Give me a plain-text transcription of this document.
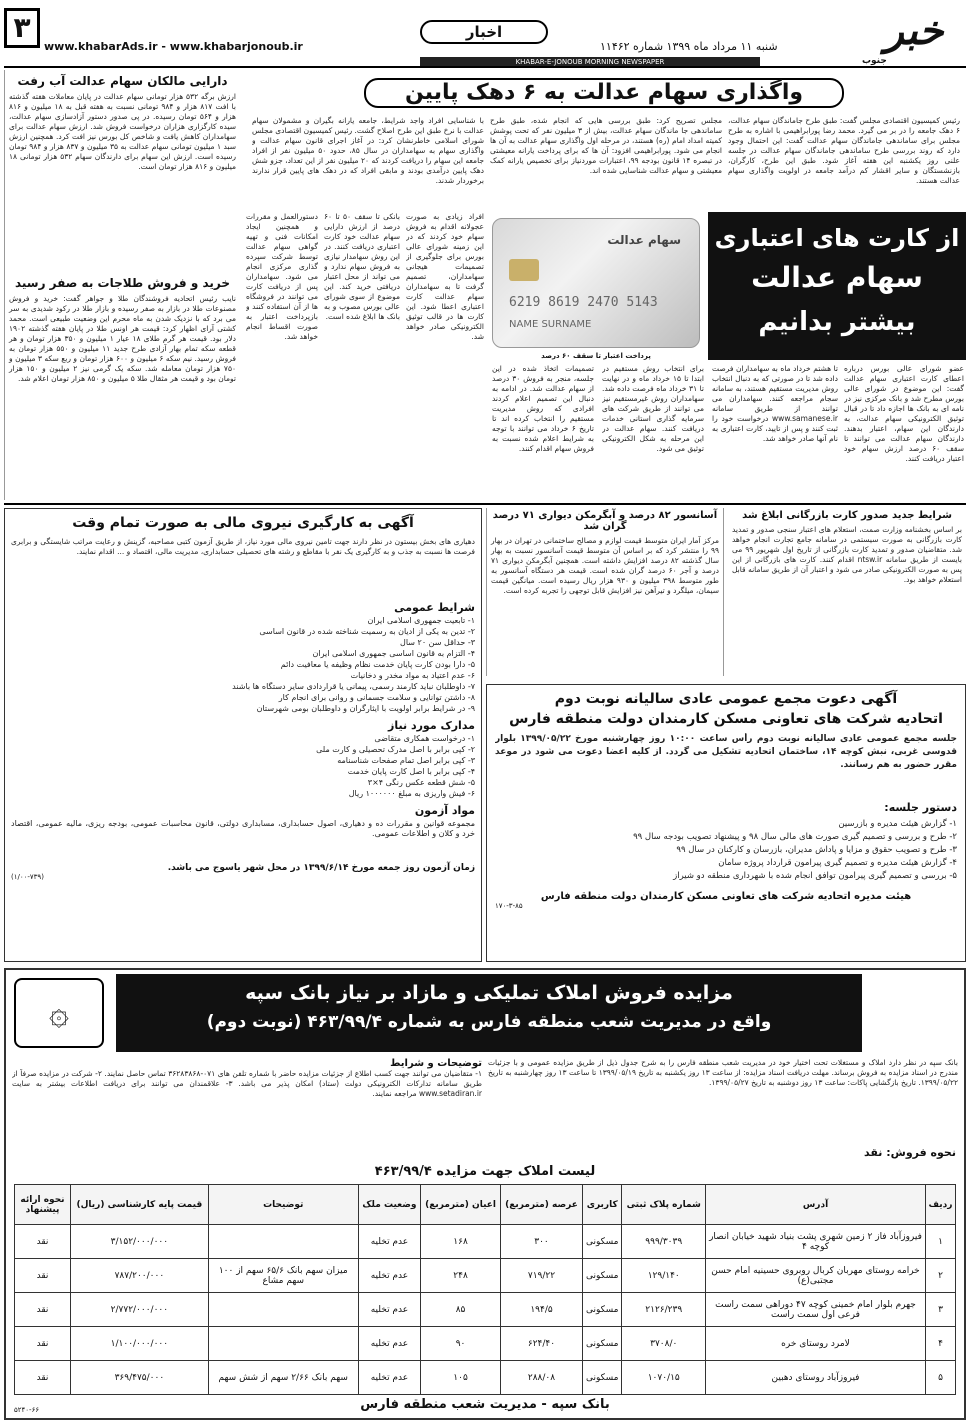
خبر
جنوب
شنبه ۱۱ مرداد ماه ۱۳۹۹ شماره ۱۱۴۶۲
اخبار
www.khabarAds.ir - www.khabarjonoub.ir
۳
KHABAR-E-JONOUB MORNING NEWSPAPER
واگذاری سهام عدالت به ۶ دهک پایین
رئیس کمیسیون اقتصادی مجلس گفت: طبق طرح جاماندگان سهام عدالت، ۶ دهک جامعه را در بر می گیرد. محمد رضا پورابراهیمی با اشاره به طرح مجلس برای ساماندهی جاماندگان سهام عدالت گفت: این احتمال وجود دارد که روند بررسی طرح ساماندهی جاماندگان سهام عدالت در جلسه علنی روز یکشنبه این هفته آغاز شود. طبق این طرح، کارگران، بازنشستگان و سایر اقشار کم درآمد جامعه در اولویت واگذاری سهام عدالت هستند.
مجلس تصریح کرد: طبق بررسی هایی که انجام شده، طبق طرح ساماندهی جا ماندگان سهام عدالت، بیش از ۳ میلیون نفر که تحت پوشش کمیته امداد امام (ره) هستند، در مرحله اول واگذاری سهام عدالت به آن ها انجام می شود. پورابراهیمی افزود: آن ها که برای پرداخت یارانه معیشتی در تبصره ۱۴ قانون بودجه ۹۹، اعتبارات موردنیاز برای تخصیص یارانه کمک معیشتی و سهام عدالت شناسایی شده اند.
با شناسایی افراد واجد شرایط، جامعه یارانه بگیران و مشمولان سهام عدالت با نرخ طبق این طرح اصلاح گشت. رئیس کمیسیون اقتصادی مجلس شورای اسلامی خاطرنشان کرد: در آغاز اجرای قانون سهام عدالت و واگذاری سهام به سهامداران در سال ۸۵، حدود ۵۰ میلیون نفر از افراد جامعه این سهام را دریافت کردند که ۲۰ میلیون نفر از این تعداد، جزو شش دهک پایین درآمدی بودند و مابقی افراد که در دهک های پایین قرار ندارند برخوردار شدند.
دارایی مالکان سهام عدالت آب رفت
ارزش برگه ۵۳۲ هزار تومانی سهام عدالت در پایان معاملات هفته گذشته با افت ۸۱۷ هزار و ۹۸۴ تومانی نسبت به هفته قبل به ۱۸ میلیون و ۸۱۶ هزار و ۵۶۴ تومان رسیده. در پی صدور دستور آزادسازی سهام عدالت، سیده کارگزاری هزاران درخواست فروش شد. ارزش سهام عدالت برای سهامداران کاهش یافت و شاخص کل بورس نیز افت کرد. همچنین ارزش سبد ۱ میلیون تومانی سهام عدالت به ۳۵ میلیون و ۸۳۷ هزار و ۹۸۴ تومان رسیده است. ارزش این سهام برای دارندگان سهام ۵۳۲ هزار تومانی ۱۸ میلیون و ۸۱۶ هزار تومان است.
خرید و فروش طلاجات به صفر رسید
نایب رئیس اتحادیه فروشندگان طلا و جواهر گفت: خرید و فروش مصنوعات طلا در بازار به صفر رسیده و بازار طلا در رکود شدیدی به سر می برد که با نزدیک شدن به ماه محرم این وضعیت طبیعی است. محمد کشتی آرای اظهار کرد: قیمت هر اونس طلا در پایان هفته گذشته ۱۹۰۲ دلار بود. قیمت هر گرم طلای ۱۸ عیار ۱ میلیون و ۳۵۰ هزار تومان و هر قطعه سکه تمام بهار آزادی طرح جدید ۱۱ میلیون و ۵۵۰ هزار تومان به فروش رسید. نیم سکه ۶ میلیون و ۶۰۰ هزار تومان و ربع سکه ۳ میلیون و ۷۵۰ هزار تومان معامله شد. سکه یک گرمی نیز ۲ میلیون و ۱۵۰ هزار تومان بود و قیمت هر مثقال طلا ۵ میلیون و ۸۵۰ هزار تومان اعلام شد.
از کارت های اعتباری
سهام عدالت
بیشتر بدانیم
سهام عدالت
6219 8619 2470 5143
NAME SURNAME
پرداخت اعتبار تا سقف ۶۰ درصد
عضو شورای عالی بورس درباره اعطای کارت اعتباری سهام عدالت گفت: این موضوع در شورای عالی بورس مطرح شد و بانک مرکزی نیز در نامه ای به بانک ها اجازه داد تا در قبال توثیق الکترونیکی سهام عدالت، به دارندگان این سهام، اعتبار بدهند. دارندگان سهام عدالت می توانند تا سقف ۶۰ درصد ارزش سهام خود اعتبار دریافت کنند.
تا هشتم خرداد ماه به سهامداران فرصت داده شد تا در صورتی که به دنبال انتخاب روش مدیریت مستقیم هستند، به سامانه سجام مراجعه کنند. سهامداران می توانند از طریق سامانه www.samanese.ir درخواست خود را ثبت کنند و پس از تایید، کارت اعتباری به نام آنها صادر خواهد شد.
برای انتخاب روش مستقیم در ابتدا تا ۱۵ خرداد ماه و در نهایت تا ۳۱ خرداد ماه فرصت داده شد. سهامداران روش غیرمستقیم نیز می توانند از طریق شرکت های سرمایه گذاری استانی خدمات دریافت کنند. سهام عدالت در این مرحله به شکل الکترونیکی توثیق می شود.
تصمیمات اتخاذ شده در این جلسه، منجر به فروش ۳۰ درصد از سهام عدالت شد. در ادامه به دنبال این تصمیم اعلام کردند افرادی که روش مدیریت مستقیم را انتخاب کرده اند تا تاریخ ۶ خرداد می توانند با توجه به شرایط اعلام شده نسبت به فروش سهام اقدام کنند.
افراد زیادی به صورت عجولانه اقدام به فروش سهام خود کردند که در این زمینه شورای عالی بورس برای جلوگیری از تصمیمات هیجانی سهامداران، تصمیم گرفت تا به سهامداران سهام عدالت کارت اعتباری اعطا شود. این کارت ها در قالب توثیق الکترونیکی صادر خواهد شد.
بانکی تا سقف ۵۰ تا ۶۰ درصد از ارزش دارایی سهام عدالت خود کارت اعتباری دریافت کنند. در این روش سهامدار نیازی به فروش سهام ندارد و می تواند از محل اعتبار دریافتی خرید کند. این موضوع از سوی شورای عالی بورس مصوب و به بانک ها ابلاغ شده است.
دستورالعمل و مقررات و همچنین ایجاد امکانات فنی و تهیه گواهی سهام عدالت توسط شرکت سپرده گذاری مرکزی انجام می شود. سهامداران پس از دریافت کارت می توانند در فروشگاه ها از آن استفاده کنند و بازپرداخت اعتبار به صورت اقساط انجام خواهد شد.
شرایط جدید صدور کارت بازرگانی ابلاغ شد
بر اساس بخشنامه وزارت صمت، استعلام های اعتبار سنجی صدور و تمدید کارت بازرگانی به صورت سیستمی در سامانه جامع تجارت انجام خواهد شد. متقاضیان صدور و تمدید کارت بازرگانی از تاریخ اول شهریور ۹۹ می بایست از طریق سامانه ntsw.ir اقدام کنند. کارت های بازرگانی از این پس به صورت الکترونیکی صادر می شود و اعتبار آن از طریق سامانه قابل استعلام خواهد بود.
آسانسور ۸۲ درصد و آبگرمکن دیواری ۷۱ درصد گران شد
مرکز آمار ایران متوسط قیمت لوازم و مصالح ساختمانی در تهران در بهار ۹۹ را منتشر کرد که بر اساس آن متوسط قیمت آسانسور نسبت به بهار سال گذشته ۸۲ درصد افزایش داشته است. همچنین آبگرمکن دیواری ۷۱ درصد و آجر ۶۰ درصد گران شده است. قیمت هر دستگاه آسانسور به طور متوسط ۳۹۸ میلیون و ۹۳۰ هزار ریال رسیده است. میانگین قیمت سیمان، میلگرد و تیرآهن نیز افزایش قابل توجهی را تجربه کرده است.
آگهی به کارگیری نیروی مالی به صورت تمام وقت
دهیاری های بخش بیستون در نظر دارند جهت تامین نیروی مالی مورد نیاز، از طریق آزمون کتبی مصاحبه، گزینش و رعایت مراتب شایستگی و برابری فرصت ها نسبت به جذب و به کارگیری یک نفر با مقاطع و رشته های تحصیلی حسابداری، مدیریت مالی، اقتصاد و ... اقدام نمایند.
شرایط عمومی
۱- تابعیت جمهوری اسلامی ایران
۲- تدین به یکی از ادیان به رسمیت شناخته شده در قانون اساسی
۳- حداقل سن ۲۰ سال
۴- التزام به قانون اساسی جمهوری اسلامی ایران
۵- دارا بودن کارت پایان خدمت نظام وظیفه یا معافیت دائم
۶- عدم اعتیاد به مواد مخدر و دخانیات
۷- داوطلبان نباید کارمند رسمی، پیمانی یا قراردادی سایر دستگاه ها باشند
۸- داشتن توانایی و سلامت جسمانی و روانی برای انجام کار
۹- در شرایط برابر اولویت با ایثارگران و داوطلبان بومی شهرستان
مدارک مورد نیاز
۱- درخواست همکاری متقاضی
۲- کپی برابر با اصل مدرک تحصیلی و کارت ملی
۳- کپی برابر اصل تمام صفحات شناسنامه
۴- کپی برابر با اصل کارت پایان خدمت
۵- شش قطعه عکس رنگی ۴×۳
۶- فیش واریزی به مبلغ ۱۰۰۰۰۰۰ ریال
مواد آزمون
مجموعه قوانین و مقررات ده و دهیاری، اصول حسابداری، مسابداری دولتی، قانون محاسبات عمومی، بودجه ریزی، مالیه عمومی، اقتصاد خرد و کلان و اطلاعات عمومی.
زمان آزمون روز جمعه مورخ ۱۳۹۹/۶/۱۴ در محل شهر یاسوج می باشد.
(۱/۰۰-۷۳۹)
آگهی دعوت مجمع عمومی عادی سالیانه نوبت دوم
اتحادیه شرکت های تعاونی مسکن کارمندان دولت منطقه فارس
جلسه مجمع عمومی عادی سالیانه نوبت دوم رأس ساعت ۱۰:۰۰ روز چهارشنبه مورخ ۱۳۹۹/۰۵/۲۲ بلوار قدوسی غربی، نبش کوچه ۱۴، ساختمان اتحادیه تشکیل می گردد. از کلیه اعضا دعوت می شود در موعد مقرر حضور به هم رسانند.
دستور جلسه:
۱- گزارش هیئت مدیره و بازرسین
۲- طرح و بررسی و تصمیم گیری صورت های مالی سال ۹۸ و پیشنهاد تصویب بودجه سال ۹۹
۳- طرح و تصویب حقوق و مزایا و پاداش مدیران، بازرسان و کارکنان در سال ۹۹
۴- گزارش هیئت مدیره و تصمیم گیری پیرامون قرارداد پروژه سامان
۵- بررسی و تصمیم گیری پیرامون توافق انجام شده با شهرداری منطقه دو شیراز
هیئت مدیره اتحادیه شرکت های تعاونی مسکن کارمندان دولت منطقه فارس
۱۷۰-۳-۸۵
مزایده فروش املاک تملیکی و مازاد بر نیاز بانک سپه
واقع در مدیریت شعب منطقه فارس به شماره ۴۶۳/۹۹/۴ (نوبت دوم)
۞
بانک سپه در نظر دارد املاک و مستغلات تحت اختیار خود در مدیریت شعب منطقه فارس را به شرح جدول ذیل از طریق مزایده عمومی و با جزئیات مندرج در اسناد مزایده به فروش برساند. مهلت دریافت اسناد مزایده: از ساعت ۱۳ روز یکشنبه به تاریخ ۱۳۹۹/۰۵/۱۹ تا ساعت ۱۳ روز چهارشنبه به تاریخ ۱۳۹۹/۰۵/۲۲. تاریخ بازگشایی پاکات: ساعت ۱۳ روز دوشنبه به تاریخ ۱۳۹۹/۰۵/۲۷.
توضیحات و شرایط
۱- متقاضیان می توانند جهت کسب اطلاع از جزئیات مزایده حاضر با شماره تلفن های ۰۷۱-۳۶۲۸۳۸۶۸ تماس حاصل نمایند. ۲- شرکت در مزایده صرفاً از طریق سامانه تدارکات الکترونیکی دولت (ستاد) امکان پذیر می باشد. ۳- علاقمندان می توانند برای دریافت اطلاعات بیشتر به سایت www.setadiran.ir مراجعه نمایند.
نحوه فروش: نقد
لیست املاک جهت مزایده ۴۶۳/۹۹/۴
ردیف	آدرس	شماره پلاک ثبتی	کاربری	عرصه (مترمربع)	اعیان (مترمربع)	وضعیت ملک	توضیحات	قیمت پایه کارشناسی (ریال)	نحوه ارائه پیشنهاد
۱	فیروزآباد فاز ۲ زمین شهری پشت بنیاد شهید خیابان انصار کوچه ۴	۹۹۹/۳۰۳۹	مسکونی	۳۰۰	۱۶۸	عدم تخلیه		۳/۱۵۲/۰۰۰/۰۰۰	نقد
۲	خرامه روستای مهربان کربال روبروی حسینیه امام حسن مجتبی(ع)	۱۲۹/۱۴۰	مسکونی	۷۱۹/۲۲	۲۴۸	عدم تخلیه	میزان سهم بانک ۶۵/۶ سهم از ۱۰۰ سهم مشاع	۷۸۷/۲۰۰/۰۰۰	نقد
۳	جهرم بلوار امام خمینی کوچه ۴۷ دوراهی سمت راست فرعی اول سمت راست	۲۱۲۶/۲۳۹	مسکونی	۱۹۴/۵	۸۵	عدم تخلیه		۲/۷۷۲/۰۰۰/۰۰۰	نقد
۴	لامرد روستای خره	۳۷۰۸/۰	مسکونی	۶۲۴/۴۰	۹۰	عدم تخلیه		۱/۱۰۰/۰۰۰/۰۰۰	نقد
۵	فیروزآباد روستای دهبین	۱۰۷۰/۱۵	مسکونی	۲۸۸/۰۸	۱۰۵	عدم تخلیه	سهم بانک ۲/۶۶ سهم از شش سهم	۳۶۹/۴۷۵/۰۰۰	نقد
بانک سپه - مدیریت شعب منطقه فارس
۵۲۴۰-۶۶
